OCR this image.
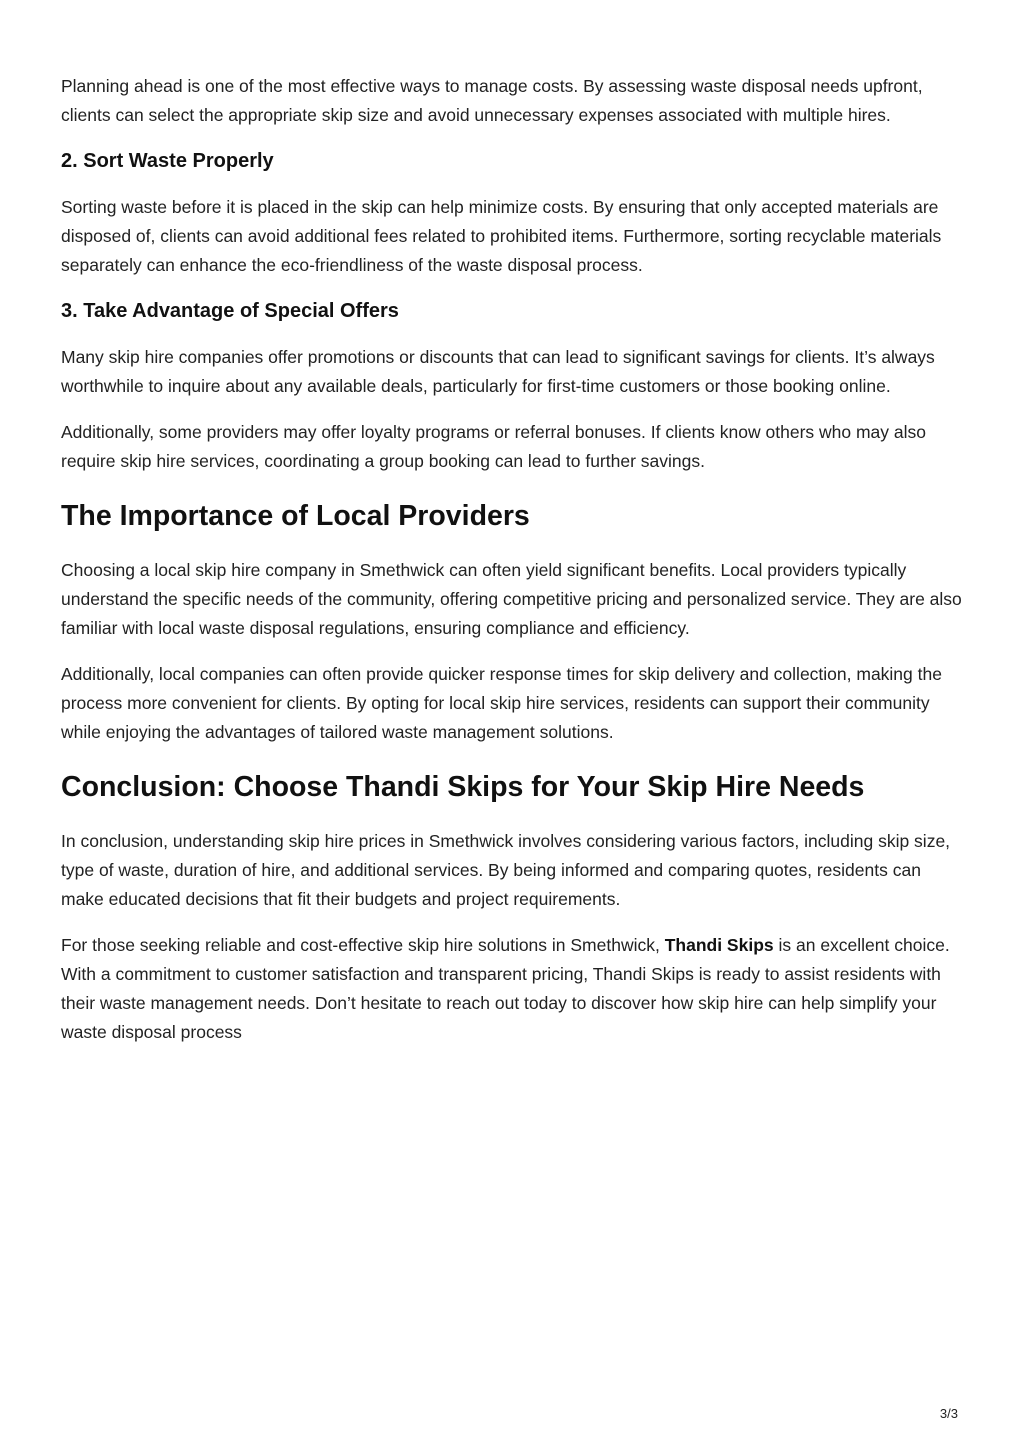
Planning ahead is one of the most effective ways to manage costs. By assessing waste disposal needs upfront, clients can select the appropriate skip size and avoid unnecessary expenses associated with multiple hires.

2. Sort Waste Properly

Sorting waste before it is placed in the skip can help minimize costs. By ensuring that only accepted materials are disposed of, clients can avoid additional fees related to prohibited items. Furthermore, sorting recyclable materials separately can enhance the eco-friendliness of the waste disposal process.

3. Take Advantage of Special Offers

Many skip hire companies offer promotions or discounts that can lead to significant savings for clients. It’s always worthwhile to inquire about any available deals, particularly for first-time customers or those booking online.

Additionally, some providers may offer loyalty programs or referral bonuses. If clients know others who may also require skip hire services, coordinating a group booking can lead to further savings.

The Importance of Local Providers

Choosing a local skip hire company in Smethwick can often yield significant benefits. Local providers typically understand the specific needs of the community, offering competitive pricing and personalized service. They are also familiar with local waste disposal regulations, ensuring compliance and efficiency.

Additionally, local companies can often provide quicker response times for skip delivery and collection, making the process more convenient for clients. By opting for local skip hire services, residents can support their community while enjoying the advantages of tailored waste management solutions.

Conclusion: Choose Thandi Skips for Your Skip Hire Needs

In conclusion, understanding skip hire prices in Smethwick involves considering various factors, including skip size, type of waste, duration of hire, and additional services. By being informed and comparing quotes, residents can make educated decisions that fit their budgets and project requirements.

For those seeking reliable and cost-effective skip hire solutions in Smethwick, Thandi Skips is an excellent choice. With a commitment to customer satisfaction and transparent pricing, Thandi Skips is ready to assist residents with their waste management needs. Don’t hesitate to reach out today to discover how skip hire can help simplify your waste disposal process

3/3
